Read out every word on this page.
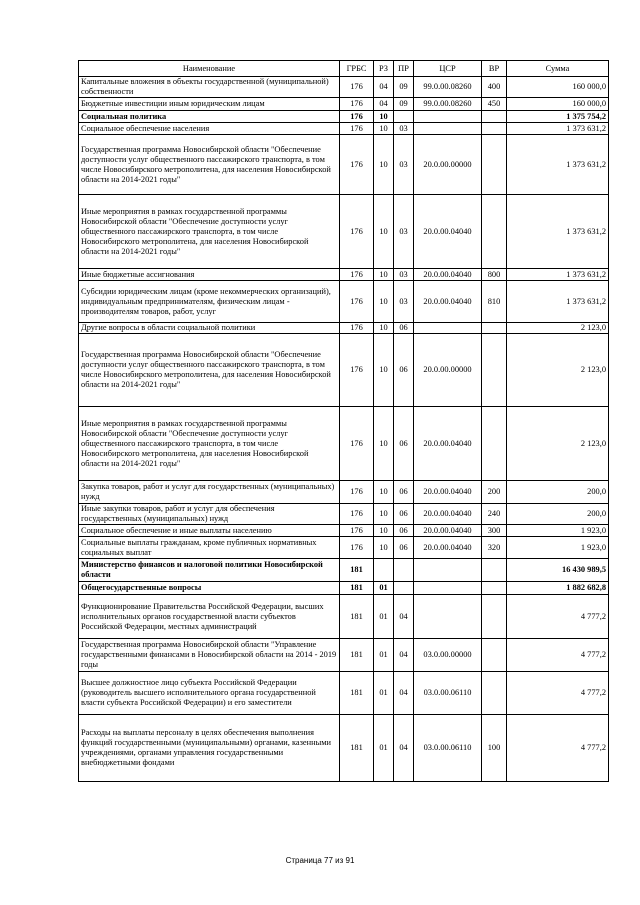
Наименование	ГРБС	РЗ	ПР	ЦСР	ВР	Сумма
Капитальные вложения в объекты государственной (муниципальной) собственности	176	04	09	99.0.00.08260	400	160 000,0
Бюджетные инвестиции иным юридическим лицам	176	04	09	99.0.00.08260	450	160 000,0
Социальная политика	176	10				1 375 754,2
Социальное обеспечение населения	176	10	03			1 373 631,2
Государственная программа Новосибирской области "Обеспечение доступности услуг общественного пассажирского транспорта, в том числе Новосибирского метрополитена, для населения Новосибирской области на 2014-2021 годы"	176	10	03	20.0.00.00000		1 373 631,2
Иные мероприятия в рамках государственной программы Новосибирской области "Обеспечение доступности услуг общественного пассажирского транспорта, в том числе Новосибирского метрополитена, для населения Новосибирской области на 2014-2021 годы"	176	10	03	20.0.00.04040		1 373 631,2
Иные бюджетные ассигнования	176	10	03	20.0.00.04040	800	1 373 631,2
Субсидии юридическим лицам (кроме некоммерческих организаций), индивидуальным предпринимателям, физическим лицам - производителям товаров, работ, услуг	176	10	03	20.0.00.04040	810	1 373 631,2
Другие вопросы в области социальной политики	176	10	06			2 123,0
Государственная программа Новосибирской области "Обеспечение доступности услуг общественного пассажирского транспорта, в том числе Новосибирского метрополитена, для населения Новосибирской области на 2014-2021 годы"	176	10	06	20.0.00.00000		2 123,0
Иные мероприятия в рамках государственной программы Новосибирской области "Обеспечение доступности услуг общественного пассажирского транспорта, в том числе Новосибирского метрополитена, для населения Новосибирской области на 2014-2021 годы"	176	10	06	20.0.00.04040		2 123,0
Закупка товаров, работ и услуг для государственных (муниципальных) нужд	176	10	06	20.0.00.04040	200	200,0
Иные закупки товаров, работ и услуг для обеспечения государственных (муниципальных) нужд	176	10	06	20.0.00.04040	240	200,0
Социальное обеспечение и иные выплаты населению	176	10	06	20.0.00.04040	300	1 923,0
Социальные выплаты гражданам, кроме публичных нормативных социальных выплат	176	10	06	20.0.00.04040	320	1 923,0
Министерство финансов и налоговой политики Новосибирской области	181					16 430 989,5
Общегосударственные вопросы	181	01				1 882 682,8
Функционирование Правительства Российской Федерации, высших исполнительных органов государственной власти субъектов Российской Федерации, местных администраций	181	01	04			4 777,2
Государственная программа Новосибирской области "Управление государственными финансами в Новосибирской области на 2014 - 2019 годы	181	01	04	03.0.00.00000		4 777,2
Высшее должностное лицо субъекта Российской Федерации (руководитель высшего исполнительного органа государственной власти субъекта Российской Федерации) и его заместители	181	01	04	03.0.00.06110		4 777,2
Расходы на выплаты персоналу в целях обеспечения выполнения функций государственными (муниципальными) органами, казенными учреждениями, органами управления государственными внебюджетными фондами	181	01	04	03.0.00.06110	100	4 777,2
Страница 77 из 91
